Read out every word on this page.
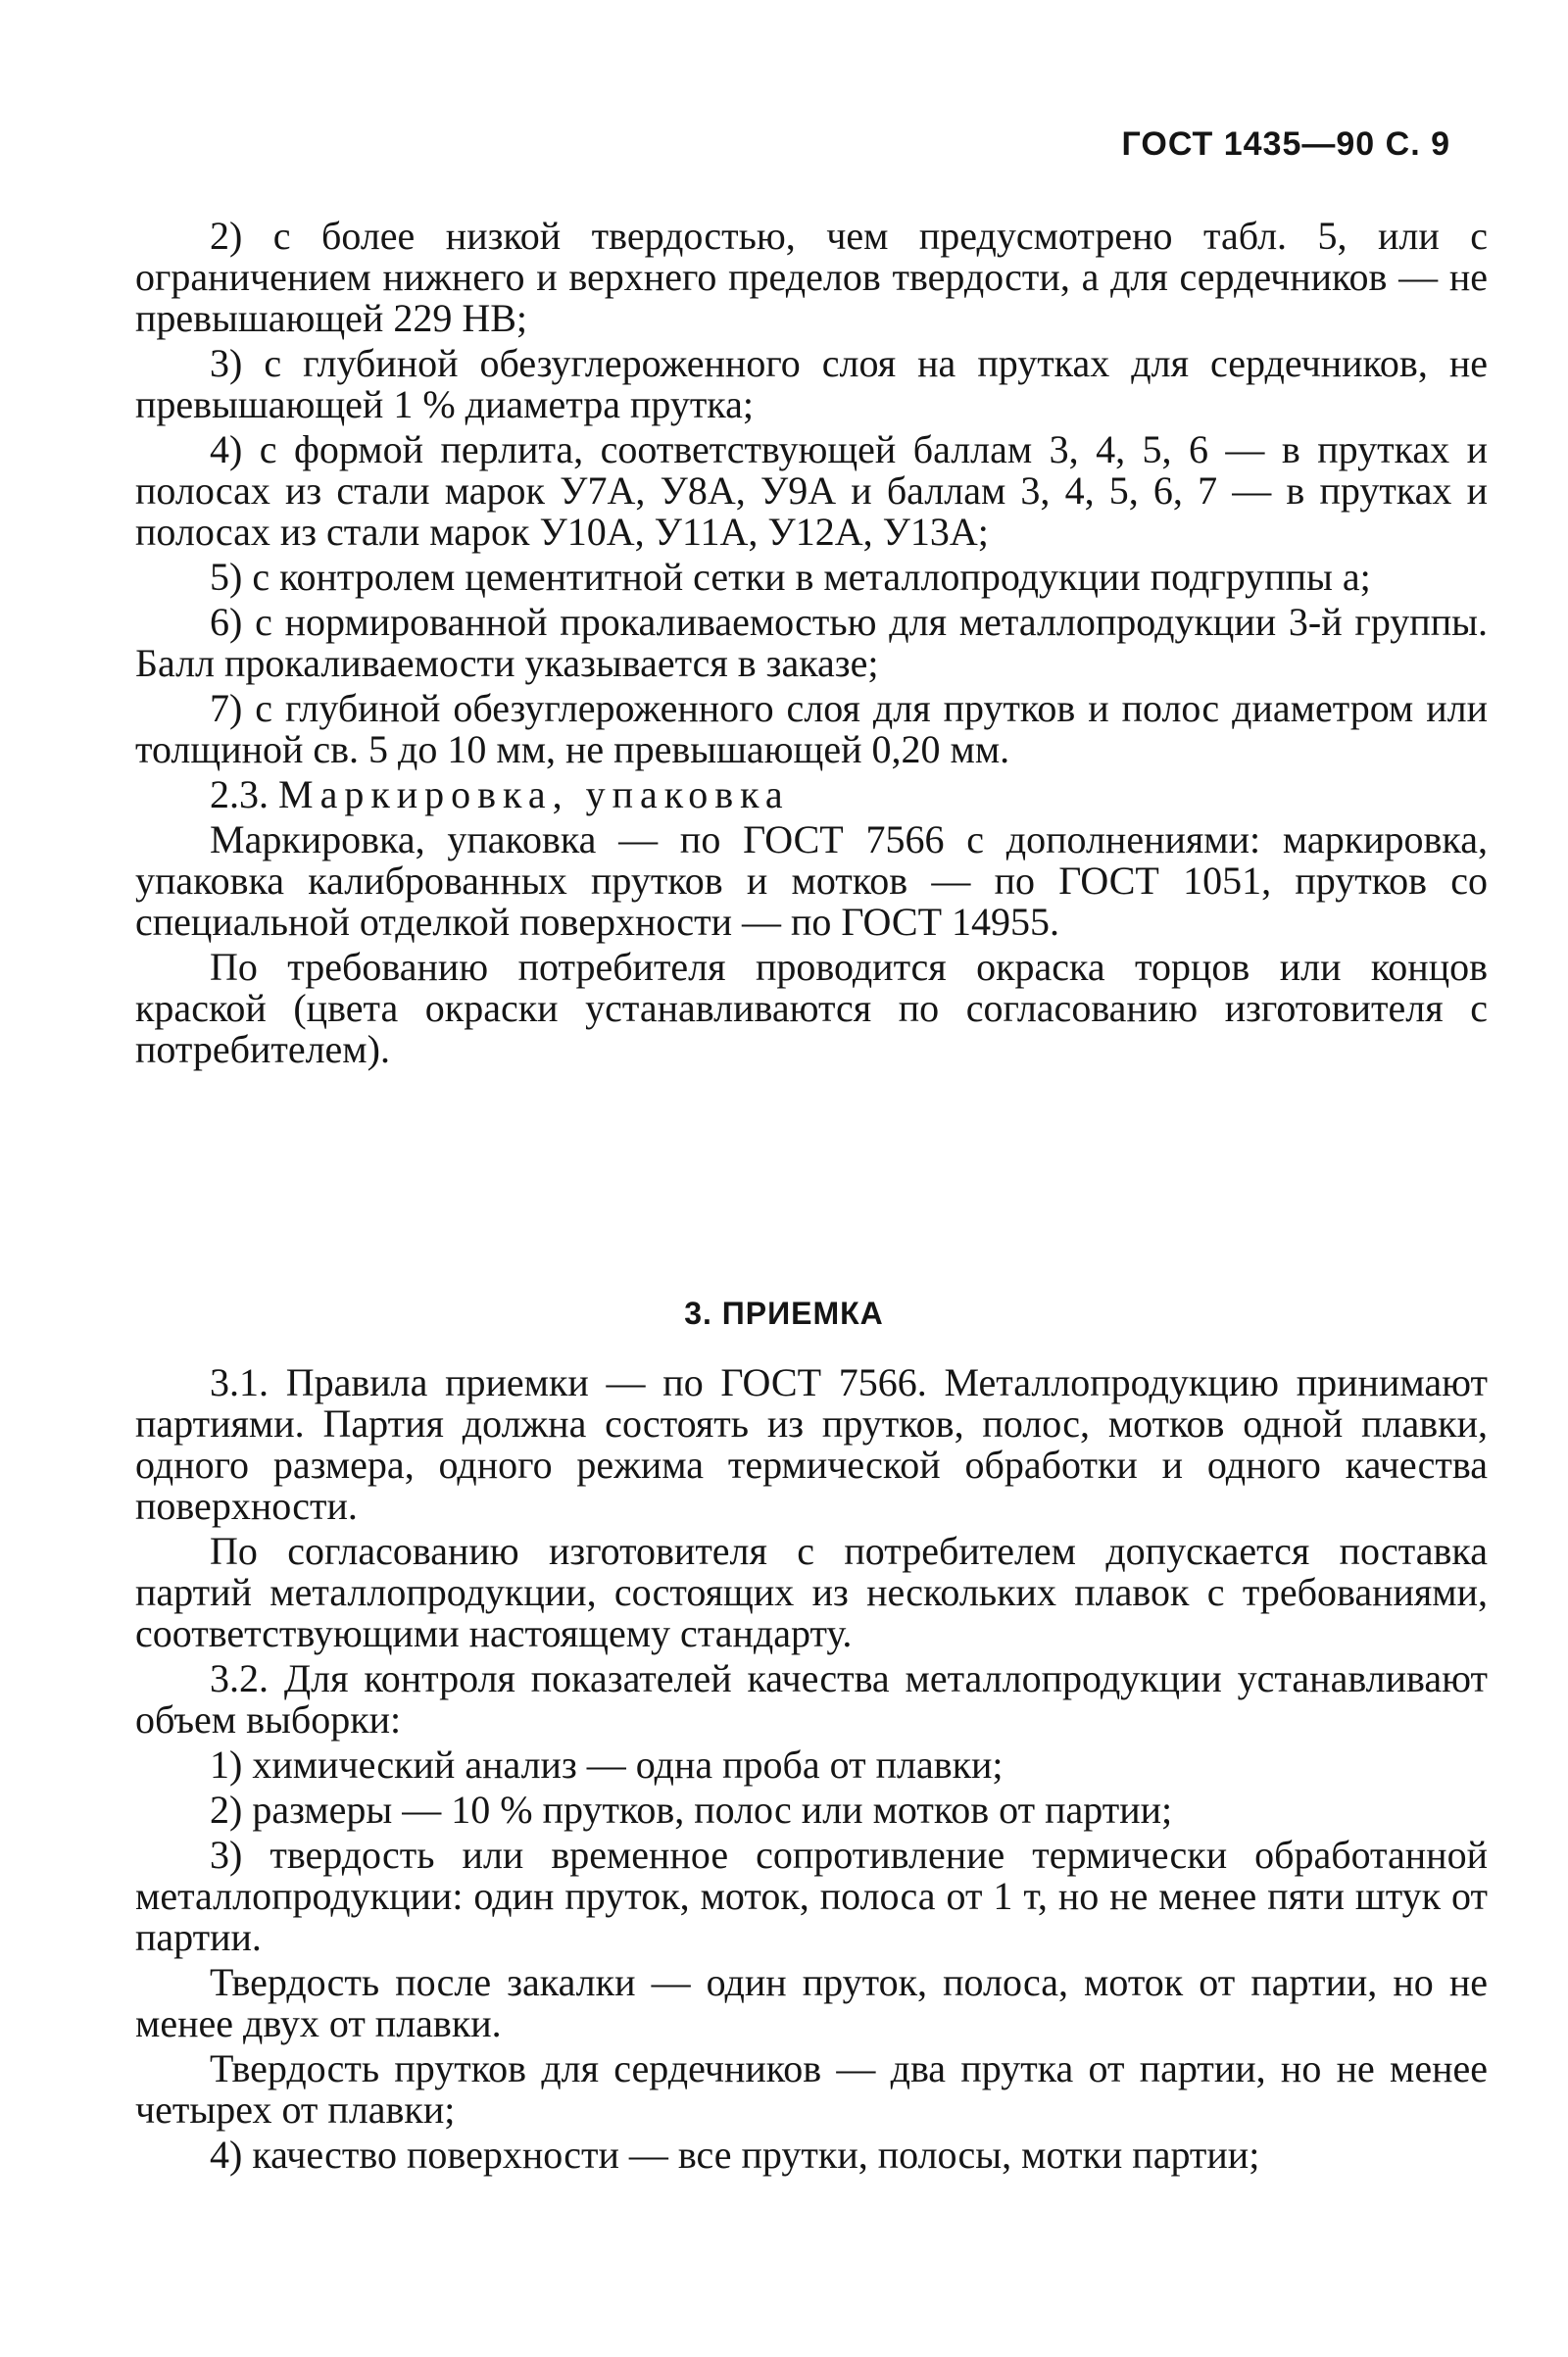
ГОСТ 1435—90 С. 9

2) с более низкой твердостью, чем предусмотрено табл. 5, или с ограничением нижнего и верхнего пределов твердости, а для сердечников — не превышающей 229 НВ;

3) с глубиной обезуглероженного слоя на прутках для сердечников, не превышающей 1 % диаметра прутка;

4) с формой перлита, соответствующей баллам 3, 4, 5, 6 — в прутках и полосах из стали марок У7А, У8А, У9А и баллам 3, 4, 5, 6, 7 — в прутках и полосах из стали марок У10А, У11А, У12А, У13А;

5) с контролем цементитной сетки в металлопродукции подгруппы а;

6) с нормированной прокаливаемостью для металлопродукции 3-й группы. Балл прокаливаемости указывается в заказе;

7) с глубиной обезуглероженного слоя для прутков и полос диаметром или толщиной св. 5 до 10 мм, не превышающей 0,20 мм.

2.3. Маркировка, упаковка

Маркировка, упаковка — по ГОСТ 7566 с дополнениями: маркировка, упаковка калиброванных прутков и мотков — по ГОСТ 1051, прутков со специальной отделкой поверхности — по ГОСТ 14955.

По требованию потребителя проводится окраска торцов или концов краской (цвета окраски устанавливаются по согласованию изготовителя с потребителем).

3. ПРИЕМКА

3.1. Правила приемки — по ГОСТ 7566. Металлопродукцию принимают партиями. Партия должна состоять из прутков, полос, мотков одной плавки, одного размера, одного режима термической обработки и одного качества поверхности.

По согласованию изготовителя с потребителем допускается поставка партий металлопродукции, состоящих из нескольких плавок с требованиями, соответствующими настоящему стандарту.

3.2. Для контроля показателей качества металлопродукции устанавливают объем выборки:

1) химический анализ — одна проба от плавки;

2) размеры — 10 % прутков, полос или мотков от партии;

3) твердость или временное сопротивление термически обработанной металлопродукции: один пруток, моток, полоса от 1 т, но не менее пяти штук от партии.

Твердость после закалки — один пруток, полоса, моток от партии, но не менее двух от плавки.

Твердость прутков для сердечников — два прутка от партии, но не менее четырех от плавки;

4) качество поверхности — все прутки, полосы, мотки партии;
